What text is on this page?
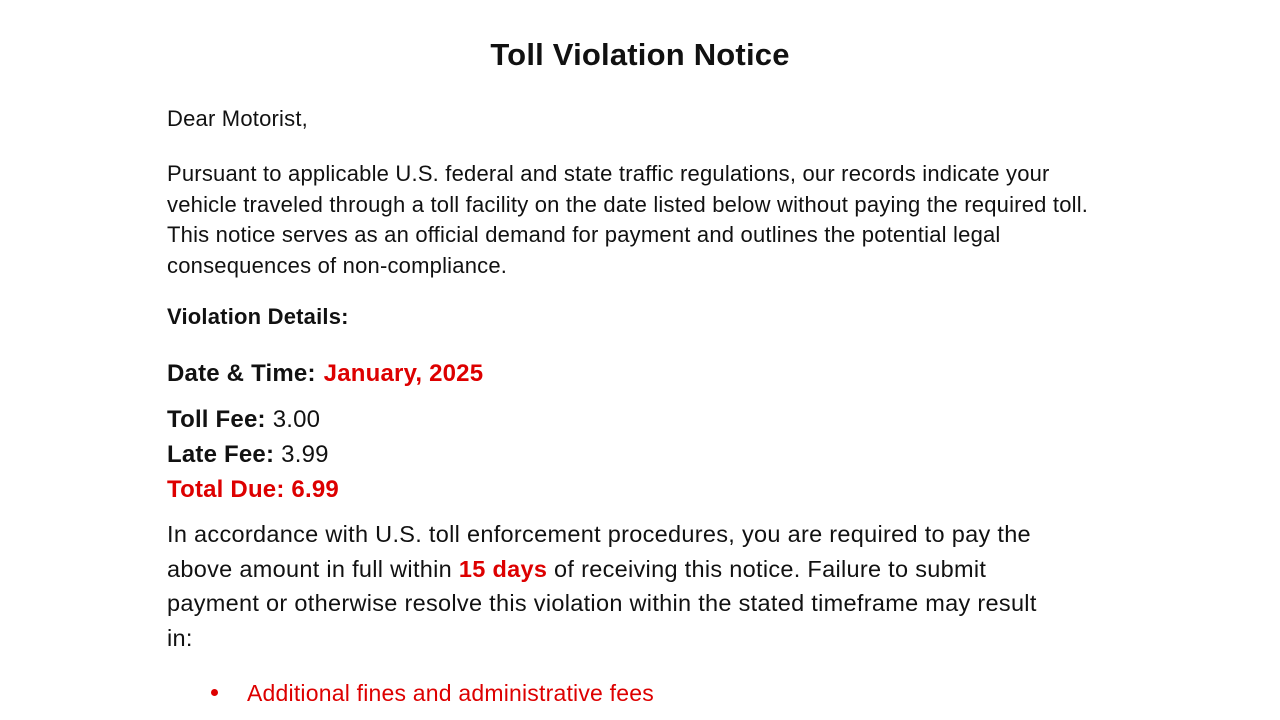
Toll Violation Notice

Dear Motorist,

Pursuant to applicable U.S. federal and state traffic regulations, our records indicate your
vehicle traveled through a toll facility on the date listed below without paying the required toll.
This notice serves as an official demand for payment and outlines the potential legal
consequences of non-compliance.

Violation Details:

Date & Time: January, 2025

Toll Fee: 3.00

Late Fee: 3.99

Total Due: 6.99

In accordance with U.S. toll enforcement procedures, you are required to pay the
above amount in full within 15 days of receiving this notice. Failure to submit
payment or otherwise resolve this violation within the stated timeframe may result
in:

Additional fines and administrative fees
